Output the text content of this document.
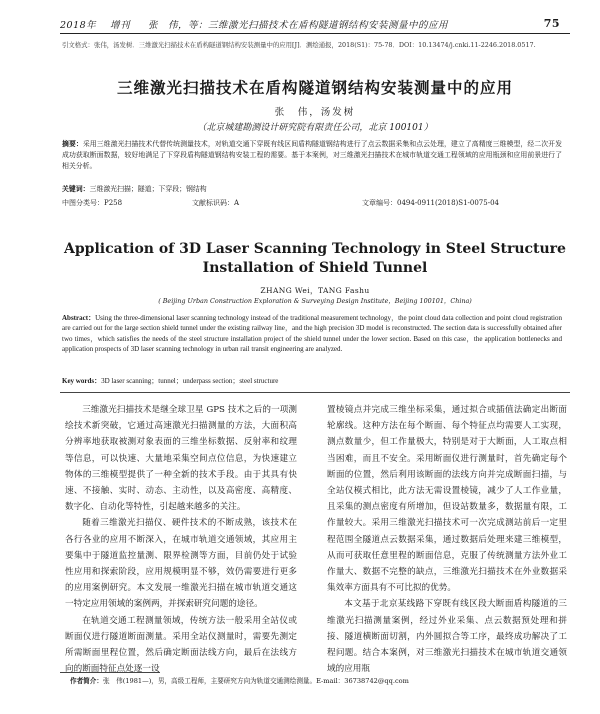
2018年 增刊 张　伟，等：三维激光扫描技术在盾构隧道钢结构安装测量中的应用	75
引文格式：张伟，汤发树．三维激光扫描技术在盾构隧道钢结构安装测量中的应用[J]．测绘通报，2018(S1)：75-78．DOI：10.13474/j.cnki.11-2246.2018.0517.
三维激光扫描技术在盾构隧道钢结构安装测量中的应用
张　伟，汤发树
（北京城建勘测设计研究院有限责任公司，北京 100101）
摘要：采用三维激光扫描技术代替传统测量技术，对轨道交通下穿既有线区间盾构隧道钢结构进行了点云数据采集和点云处理，建立了高精度三维模型，经二次开发成功获取断面数据，较好地满足了下穿段盾构隧道钢结构安装工程的需要。基于本案例，对三维激光扫描技术在城市轨道交通工程领域的应用瓶颈和应用前景进行了相关分析。
关键词：三维激光扫描；隧道；下穿段；钢结构
中图分类号：P258	文献标识码：A	文章编号：0494-0911(2018)S1-0075-04
Application of 3D Laser Scanning Technology in Steel Structure
Installation of Shield Tunnel
ZHANG Wei，TANG Fashu
( Beijing Urban Construction Exploration & Surveying Design Institute，Beijing 100101，China)
Abstract：Using the three-dimensional laser scanning technology instead of the traditional measurement technology，the point cloud data collection and point cloud registration are carried out for the large section shield tunnel under the existing railway line，and the high precision 3D model is reconstructed. The section data is successfully obtained after two times，which satisfies the needs of the steel structure installation project of the shield tunnel under the lower section. Based on this case，the application bottlenecks and application prospects of 3D laser scanning technology in urban rail transit engineering are analyzed.
Key words：3D laser scanning；tunnel；underpass section；steel structure

三维激光扫描技术是继全球卫星 GPS 技术之后的一项测绘技术新突破，它通过高速激光扫描测量的方法，大面积高分辨率地获取被测对象表面的三维坐标数据、反射率和纹理等信息，可以快速、大量地采集空间点位信息，为快速建立物体的三维模型提供了一种全新的技术手段。由于其具有快速、不接触、实时、动态、主动性，以及高密度、高精度、数字化、自动化等特性，引起越来越多的关注。

随着三维激光扫描仪、硬件技术的不断成熟，该技术在各行各业的应用不断深入，在城市轨道交通领域，其应用主要集中于隧道监控量测、限界检测等方面，目前仍处于试验性应用和探索阶段，应用规模明显不够，效仍需要进行更多的应用案例研究。本文发展一维激光扫描在城市轨道交通这一特定应用领域的案例两，并探索研究问题的途径。

在轨道交通工程测量领域，传统方法一般采用全站仪或断面仪进行隧道断面测量。采用全站仪测量时，需要先测定所需断面里程位置，然后确定断面法线方向，最后在法线方向的断面特征点处逐一设

置棱镜点并完成三维坐标采集，通过拟合或插值法确定出断面轮廓线。这种方法在每个断面、每个特征点均需要人工实现，测点数量少，但工作量极大，特别是对于大断面，人工取点相当困难，而且不安全。采用断面仪进行测量时，首先确定每个断面的位置，然后利用该断面的法线方向并完成断面扫描，与全站仪模式相比，此方法无需设置棱镜，减少了人工作业量，且采集的测点密度有所增加，但设站数量多，数据量有限，工作量较大。采用三维激光扫描技术可一次完成测站前后一定里程范围全隧道点云数据采集，通过数据后处理来建三维模型，从而可获取任意里程的断面信息，克服了传统测量方法外业工作量大、数据不完整的缺点，三维激光扫描技术在外业数据采集效率方面具有不可比拟的优势。

本文基于北京某线路下穿既有线区段大断面盾构隧道的三维激光扫描测量案例，经过外业采集、点云数据预处理和拼接、隧道横断面切割，内外圆拟合等工序，最终成功解决了工程问题。结合本案例，对三维激光扫描技术在城市轨道交通领域的应用瓶

作者简介：张　伟(1981—)，男，高级工程师，主要研究方向为轨道交通测绘测量。E-mail：36738742@qq.com
